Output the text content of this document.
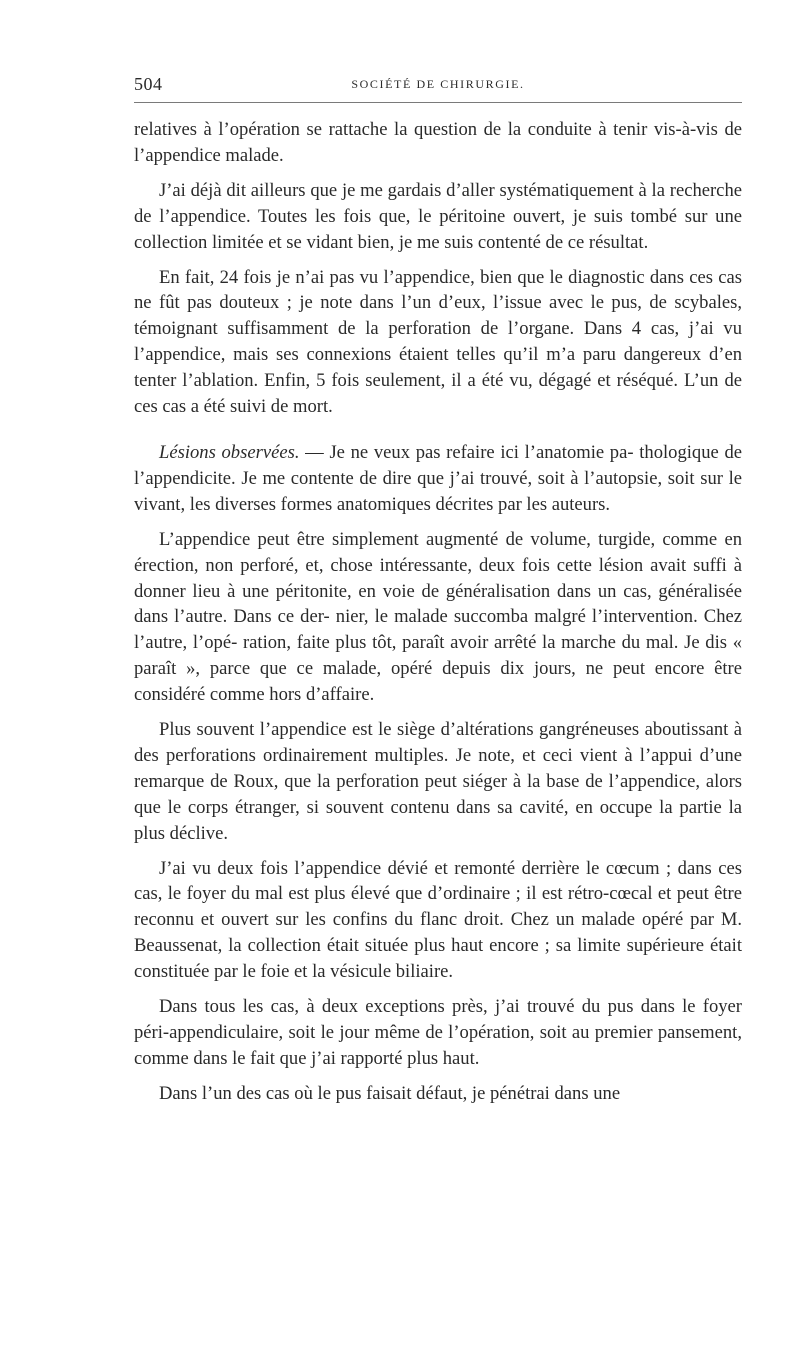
504	SOCIÉTÉ DE CHIRURGIE.

relatives à l’opération se rattache la question de la conduite à tenir vis-à-vis de l’appendice malade.

J’ai déjà dit ailleurs que je me gardais d’aller systématiquement à la recherche de l’appendice. Toutes les fois que, le péritoine ouvert, je suis tombé sur une collection limitée et se vidant bien, je me suis contenté de ce résultat.

En fait, 24 fois je n’ai pas vu l’appendice, bien que le diagnostic dans ces cas ne fût pas douteux ; je note dans l’un d’eux, l’issue avec le pus, de scybales, témoignant suffisamment de la perforation de l’organe. Dans 4 cas, j’ai vu l’appendice, mais ses connexions étaient telles qu’il m’a paru dangereux d’en tenter l’ablation. Enfin, 5 fois seulement, il a été vu, dégagé et réséqué. L’un de ces cas a été suivi de mort.

Lésions observées. — Je ne veux pas refaire ici l’anatomie pa- thologique de l’appendicite. Je me contente de dire que j’ai trouvé, soit à l’autopsie, soit sur le vivant, les diverses formes anatomiques décrites par les auteurs.

L’appendice peut être simplement augmenté de volume, turgide, comme en érection, non perforé, et, chose intéressante, deux fois cette lésion avait suffi à donner lieu à une péritonite, en voie de généralisation dans un cas, généralisée dans l’autre. Dans ce der- nier, le malade succomba malgré l’intervention. Chez l’autre, l’opé- ration, faite plus tôt, paraît avoir arrêté la marche du mal. Je dis « paraît », parce que ce malade, opéré depuis dix jours, ne peut encore être considéré comme hors d’affaire.

Plus souvent l’appendice est le siège d’altérations gangréneuses aboutissant à des perforations ordinairement multiples. Je note, et ceci vient à l’appui d’une remarque de Roux, que la perforation peut siéger à la base de l’appendice, alors que le corps étranger, si souvent contenu dans sa cavité, en occupe la partie la plus déclive.

J’ai vu deux fois l’appendice dévié et remonté derrière le cœcum ; dans ces cas, le foyer du mal est plus élevé que d’ordinaire ; il est rétro-cœcal et peut être reconnu et ouvert sur les confins du flanc droit. Chez un malade opéré par M. Beaussenat, la collection était située plus haut encore ; sa limite supérieure était constituée par le foie et la vésicule biliaire.

Dans tous les cas, à deux exceptions près, j’ai trouvé du pus dans le foyer péri-appendiculaire, soit le jour même de l’opération, soit au premier pansement, comme dans le fait que j’ai rapporté plus haut.

Dans l’un des cas où le pus faisait défaut, je pénétrai dans une
